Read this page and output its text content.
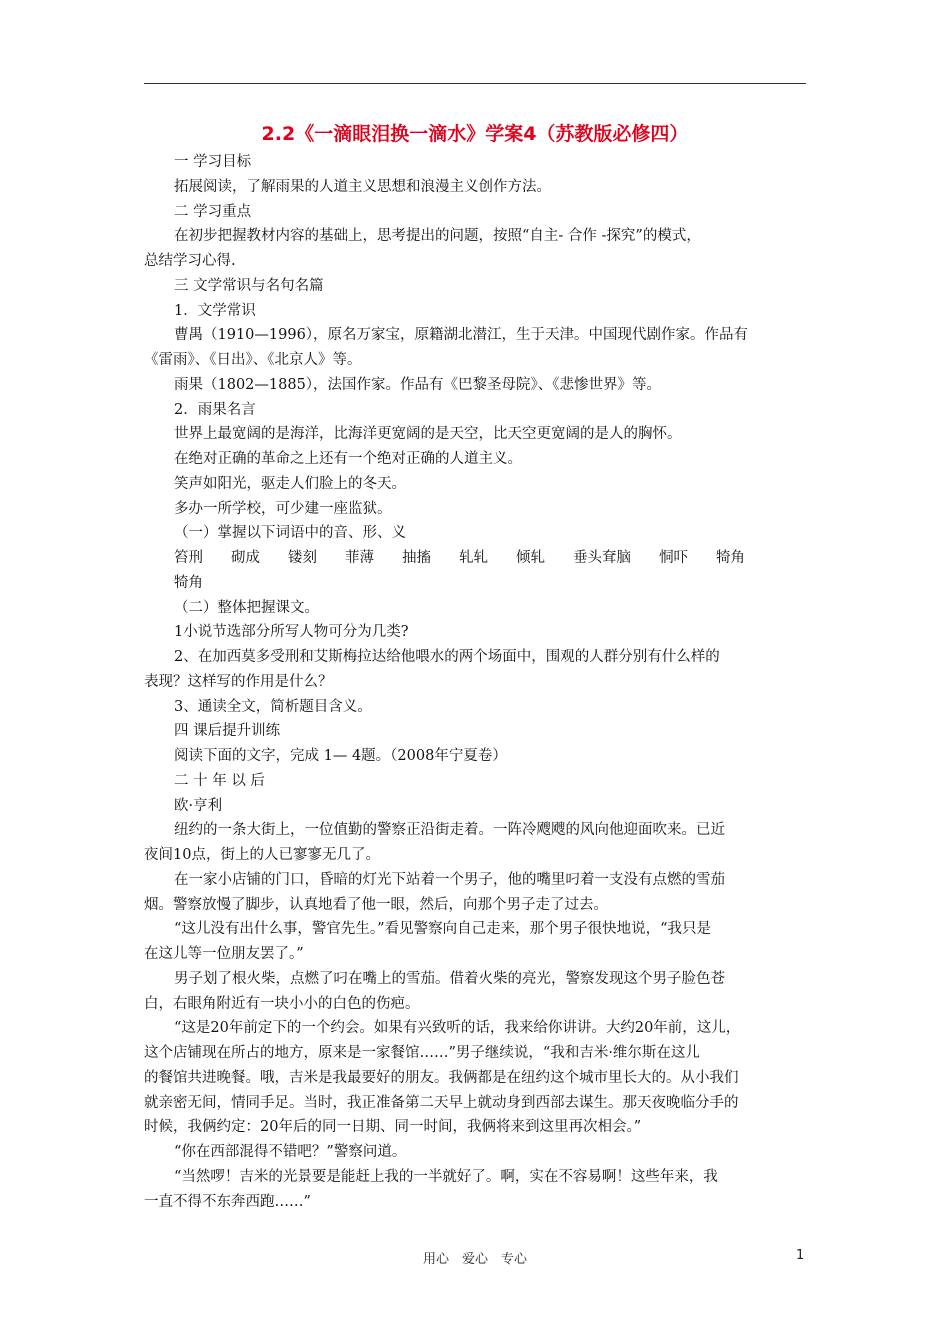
2.2《一滴眼泪换一滴水》学案4（苏教版必修四）

一 学习目标

拓展阅读，了解雨果的人道主义思想和浪漫主义创作方法。

二 学习重点

在初步把握教材内容的基础上，思考提出的问题，按照“自主- 合作 -探究”的模式，

总结学习心得.

三 文学常识与名句名篇

1．文学常识

曹禺（1910—1996），原名万家宝，原籍湖北潜江，生于天津。中国现代剧作家。作品有

《雷雨》、《日出》、《北京人》等。

雨果（1802—1885），法国作家。作品有《巴黎圣母院》、《悲惨世界》等。

2．雨果名言

世界上最宽阔的是海洋，比海洋更宽阔的是天空，比天空更宽阔的是人的胸怀。

在绝对正确的革命之上还有一个绝对正确的人道主义。

笑声如阳光，驱走人们脸上的冬天。

多办一所学校，可少建一座监狱。

（一）掌握以下词语中的音、形、义

笞刑 砌成 镂刻 菲薄 抽搐 轧轧 倾轧 垂头耷脑 恫吓 犄角

犄角

（二）整体把握课文。

1小说节选部分所写人物可分为几类?

2、在加西莫多受刑和艾斯梅拉达给他喂水的两个场面中，围观的人群分别有什么样的

表现？这样写的作用是什么？

3、通读全文，简析题目含义。

四 课后提升训练

阅读下面的文字，完成 1— 4题。（2008年宁夏卷）

二 十 年 以 后

欧·亨利

纽约的一条大街上，一位值勤的警察正沿街走着。一阵冷飕飕的风向他迎面吹来。已近

夜间10点，街上的人已寥寥无几了。

在一家小店铺的门口，昏暗的灯光下站着一个男子，他的嘴里叼着一支没有点燃的雪茄

烟。警察放慢了脚步，认真地看了他一眼，然后，向那个男子走了过去。

“这儿没有出什么事，警官先生。”看见警察向自己走来，那个男子很快地说，“我只是

在这儿等一位朋友罢了。”

男子划了根火柴，点燃了叼在嘴上的雪茄。借着火柴的亮光，警察发现这个男子脸色苍

白，右眼角附近有一块小小的白色的伤疤。

“这是20年前定下的一个约会。如果有兴致听的话，我来给你讲讲。大约20年前，这儿，

这个店铺现在所占的地方，原来是一家餐馆……”男子继续说，“我和吉米·维尔斯在这儿

的餐馆共进晚餐。哦，吉米是我最要好的朋友。我俩都是在纽约这个城市里长大的。从小我们

就亲密无间，情同手足。当时，我正准备第二天早上就动身到西部去谋生。那天夜晚临分手的

时候，我俩约定：20年后的同一日期、同一时间，我俩将来到这里再次相会。”

“你在西部混得不错吧？”警察问道。

“当然啰！吉米的光景要是能赶上我的一半就好了。啊，实在不容易啊！这些年来，我

一直不得不东奔西跑……”

用心　爱心　专心	1
